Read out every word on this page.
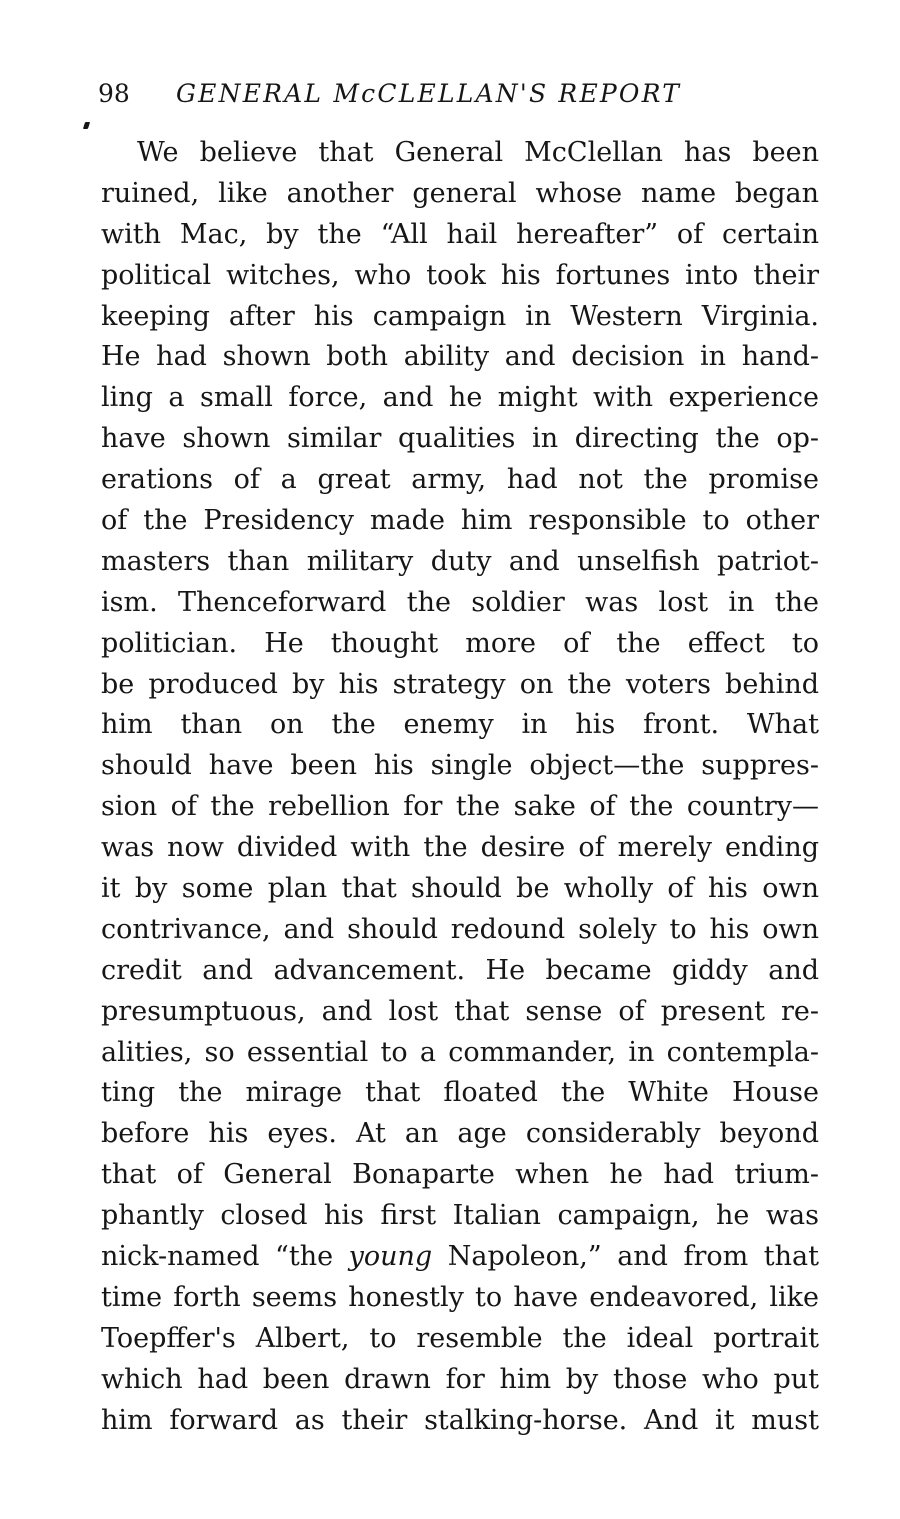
98 GENERAL McCLELLAN'S REPORT
We believe that General McClellan has been
ruined, like another general whose name began
with Mac, by the “All hail hereafter” of certain
political witches, who took his fortunes into their
keeping after his campaign in Western Virginia.
He had shown both ability and decision in hand-
ling a small force, and he might with experience
have shown similar qualities in directing the op-
erations of a great army, had not the promise
of the Presidency made him responsible to other
masters than military duty and unselfish patriot-
ism. Thenceforward the soldier was lost in the
politician. He thought more of the effect to
be produced by his strategy on the voters behind
him than on the enemy in his front. What
should have been his single object—the suppres-
sion of the rebellion for the sake of the country—
was now divided with the desire of merely ending
it by some plan that should be wholly of his own
contrivance, and should redound solely to his own
credit and advancement. He became giddy and
presumptuous, and lost that sense of present re-
alities, so essential to a commander, in contempla-
ting the mirage that floated the White House
before his eyes. At an age considerably beyond
that of General Bonaparte when he had trium-
phantly closed his first Italian campaign, he was
nick-named “the young Napoleon,” and from that
time forth seems honestly to have endeavored, like
Toepffer's Albert, to resemble the ideal portrait
which had been drawn for him by those who put
him forward as their stalking-horse. And it must
